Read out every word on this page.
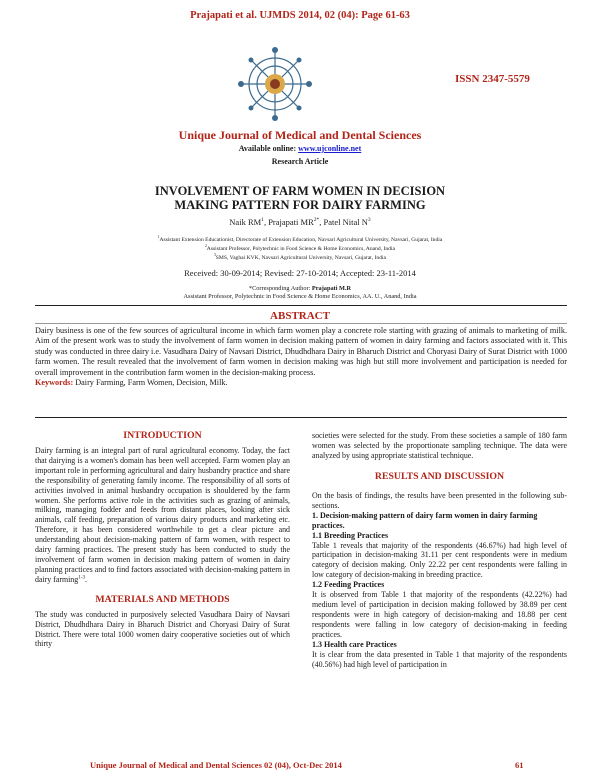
Prajapati et al. UJMDS 2014, 02 (04): Page 61-63
ISSN 2347-5579
Unique Journal of Medical and Dental Sciences
Available online: www.ujconline.net
Research Article
INVOLVEMENT OF FARM WOMEN IN DECISION
MAKING PATTERN FOR DAIRY FARMING
Naik $RM^1$, Prajapati $MR^{2*}$, Patel Nital $N^3$
$^1$Assistant Extension Educationist, Directorate of Extension Education, Navsari Agricultural University, Navsari, Gujarat, India
$^2$Assistant Professor, Polytechnic in Food Science & Home Economics, Anand, India
$^3$SMS, Vaghai KVK, Navsari Agricultural University, Navsari, Gujarat, India
Received: 30-09-2014; Revised: 27-10-2014; Accepted: 23-11-2014
*Corresponding Author: Prajapati M.R
Assistant Professor, Polytechnic in Food Science & Home Economics, AA. U., Anand, India
ABSTRACT
Dairy business is one of the few sources of agricultural income in which farm women play a concrete role starting with grazing of animals to marketing of milk. Aim of the present work was to study the involvement of farm women in decision making pattern of women in dairy farming and factors associated with it. This study was conducted in three dairy i.e. Vasudhara Dairy of Navsari District, Dhudhdhara Dairy in Bharuch District and Choryasi Dairy of Surat District with 1000 farm women. The result revealed that the involvement of farm women in decision making was high but still more involvement and participation is needed for overall improvement in the contribution farm women in the decision-making process.
Keywords: Dairy Farming, Farm Women, Decision, Milk.
INTRODUCTION
Dairy farming is an integral part of rural agricultural economy. Today, the fact that dairying is a women's domain has been well accepted. Farm women play an important role in performing agricultural and dairy husbandry practice and share the responsibility of generating family income. The responsibility of all sorts of activities involved in animal husbandry occupation is shouldered by the farm women. She performs active role in the activities such as grazing of animals, milking, managing fodder and feeds from distant places, looking after sick animals, calf feeding, preparation of various dairy products and marketing etc. Therefore, it has been considered worthwhile to get a clear picture and understanding about decision-making pattern of farm women, with respect to dairy farming practices. The present study has been conducted to study the involvement of farm women in decision making pattern of women in dairy planning practices and to find factors associated with decision-making pattern in dairy farming$^{1-3}$.
MATERIALS AND METHODS
The study was conducted in purposively selected Vasudhara Dairy of Navsari District, Dhudhdhara Dairy in Bharuch District and Choryasi Dairy of Surat District. There were total 1000 women dairy cooperative societies out of which thirty
societies were selected for the study. From these societies a sample of 180 farm women was selected by the proportionate sampling technique. The data were analyzed by using appropriate statistical technique.
RESULTS AND DISCUSSION
On the basis of findings, the results have been presented in the following sub-sections.
1. Decision-making pattern of dairy farm women in dairy farming practices.
1.1 Breeding Practices
Table 1 reveals that majority of the respondents (46.67%) had high level of participation in decision-making 31.11 per cent respondents were in medium category of decision making. Only 22.22 per cent respondents were falling in low category of decision-making in breeding practice.
1.2 Feeding Practices
It is observed from Table 1 that majority of the respondents (42.22%) had medium level of participation in decision making followed by 38.89 per cent respondents were in high category of decision-making and 18.88 per cent respondents were falling in low category of decision-making in feeding practices.
1.3 Health care Practices
It is clear from the data presented in Table 1 that majority of the respondents (40.56%) had high level of participation in
Unique Journal of Medical and Dental Sciences 02 (04), Oct-Dec 2014	61
